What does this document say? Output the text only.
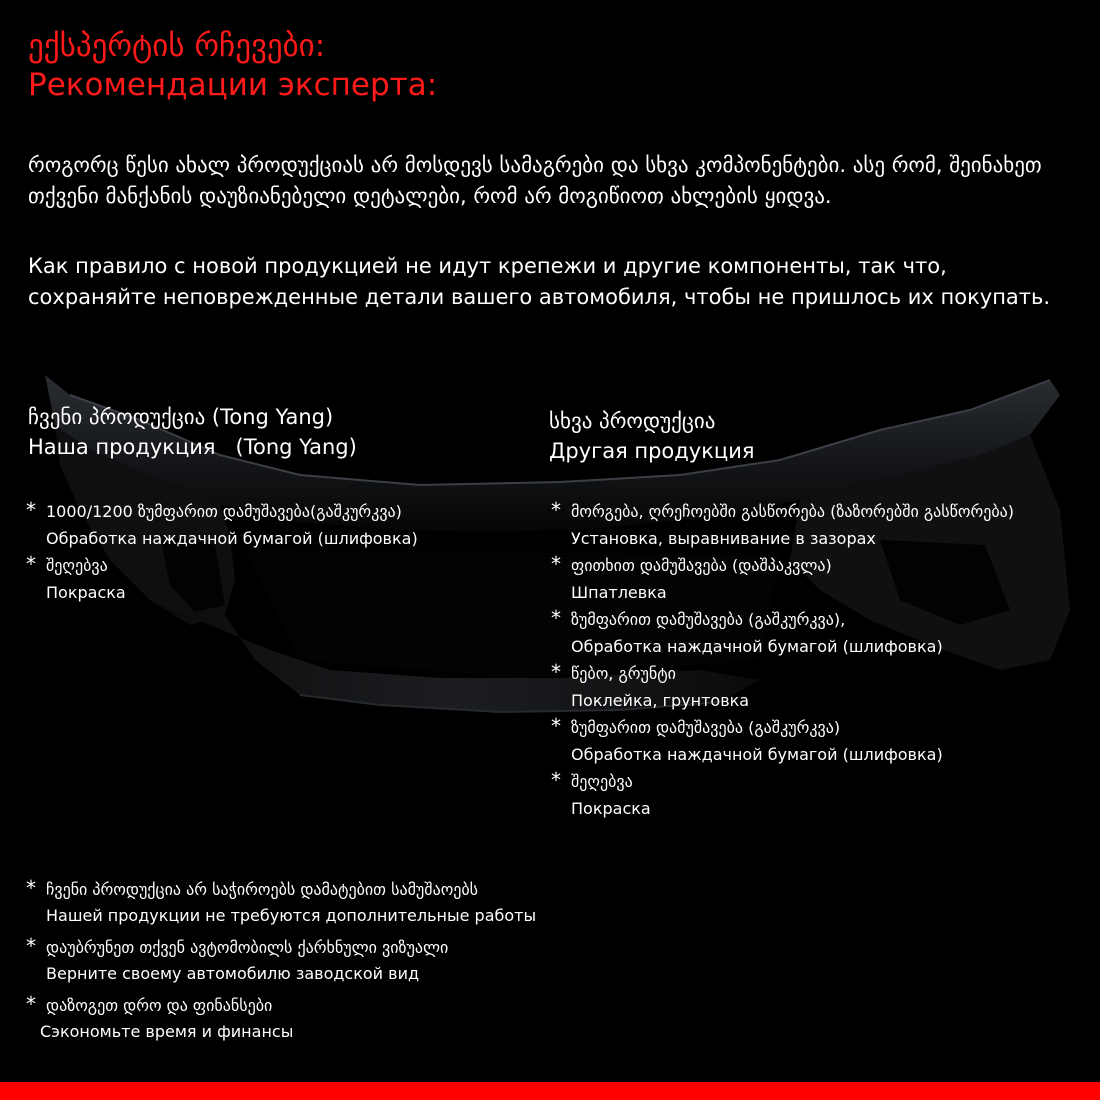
ექსპერტის რჩევები:
Рекомендации эксперта:
როგორც წესი ახალ პროდუქციას არ მოსდევს სამაგრები და სხვა კომპონენტები. ასე რომ, შეინახეთ თქვენი მანქანის დაუზიანებელი დეტალები, რომ არ მოგიწიოთ ახლების ყიდვა.
Как правило с новой продукцией не идут крепежи и другие компоненты, так что, сохраняйте неповрежденные детали вашего автомобиля, чтобы не пришлось их покупать.
ჩვენი პროდუქცია (Tong Yang)
Наша продукция   (Tong Yang)
სხვა პროდუქცია
Другая продукция
* 1000/1200 ზუმფარით დამუშავება(გაშკურკვა)
Обработка наждачной бумагой (шлифовка)
* შეღებვა
Покраска
* მორგება, ღრეჩოებში გასწორება (ზაზორებში გასწორება)
Установка, выравнивание в зазорах
* ფითხით დამუშავება (დაშპაკვლა)
Шпатлевка
* ზუმფარით დამუშავება (გაშკურკვა),
Обработка наждачной бумагой (шлифовка)
* წებო, გრუნტი
Поклейка, грунтовка
* ზუმფარით დამუშავება (გაშკურკვა)
Обработка наждачной бумагой (шлифовка)
* შეღებვა
Покраска
* ჩვენი პროდუქცია არ საჭიროებს დამატებით სამუშაოებს
Нашей продукции не требуются дополнительные работы
* დაუბრუნეთ თქვენ ავტომობილს ქარხნული ვიზუალი
Верните своему автомобилю заводской вид
* დაზოგეთ დრო და ფინანსები
Сэкономьте время и финансы
